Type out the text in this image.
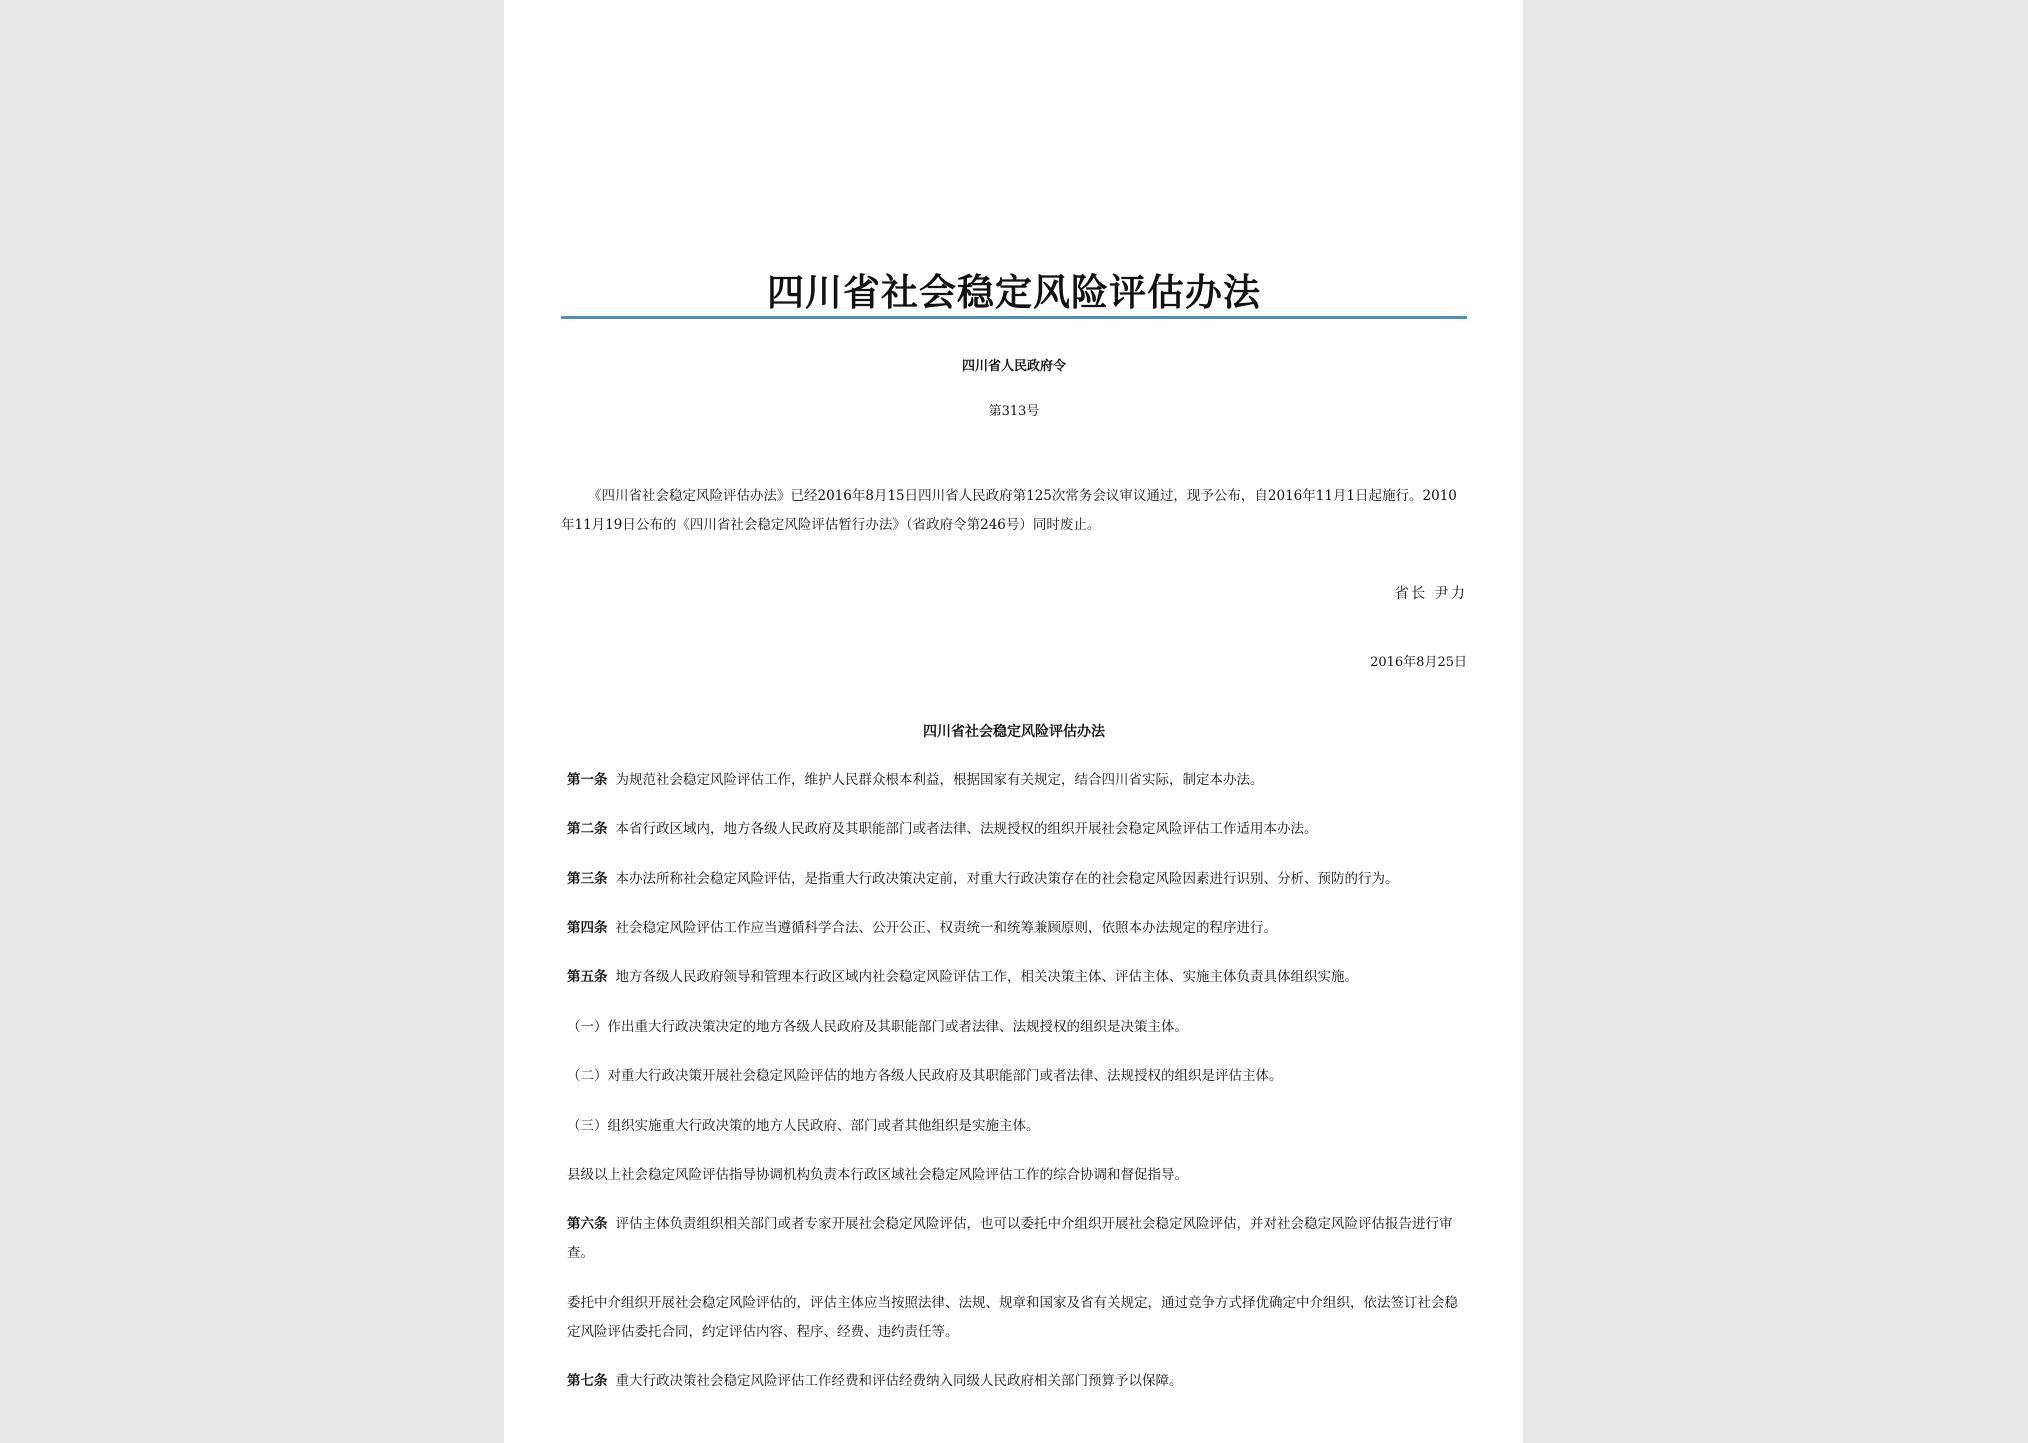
四川省社会稳定风险评估办法
四川省人民政府令
第313号

《四川省社会稳定风险评估办法》已经2016年8月15日四川省人民政府第125次常务会议审议通过，现予公布，自2016年11月1日起施行。2010年11月19日公布的《四川省社会稳定风险评估暂行办法》（省政府令第246号）同时废止。

省长 尹力
2016年8月25日
四川省社会稳定风险评估办法

第一条 为规范社会稳定风险评估工作，维护人民群众根本利益，根据国家有关规定，结合四川省实际，制定本办法。

第二条 本省行政区域内，地方各级人民政府及其职能部门或者法律、法规授权的组织开展社会稳定风险评估工作适用本办法。

第三条 本办法所称社会稳定风险评估，是指重大行政决策决定前，对重大行政决策存在的社会稳定风险因素进行识别、分析、预防的行为。

第四条 社会稳定风险评估工作应当遵循科学合法、公开公正、权责统一和统筹兼顾原则，依照本办法规定的程序进行。

第五条 地方各级人民政府领导和管理本行政区域内社会稳定风险评估工作，相关决策主体、评估主体、实施主体负责具体组织实施。

（一）作出重大行政决策决定的地方各级人民政府及其职能部门或者法律、法规授权的组织是决策主体。

（二）对重大行政决策开展社会稳定风险评估的地方各级人民政府及其职能部门或者法律、法规授权的组织是评估主体。

（三）组织实施重大行政决策的地方人民政府、部门或者其他组织是实施主体。

县级以上社会稳定风险评估指导协调机构负责本行政区域社会稳定风险评估工作的综合协调和督促指导。

第六条 评估主体负责组织相关部门或者专家开展社会稳定风险评估，也可以委托中介组织开展社会稳定风险评估，并对社会稳定风险评估报告进行审查。

委托中介组织开展社会稳定风险评估的，评估主体应当按照法律、法规、规章和国家及省有关规定，通过竞争方式择优确定中介组织，依法签订社会稳定风险评估委托合同，约定评估内容、程序、经费、违约责任等。

第七条 重大行政决策社会稳定风险评估工作经费和评估经费纳入同级人民政府相关部门预算予以保障。
